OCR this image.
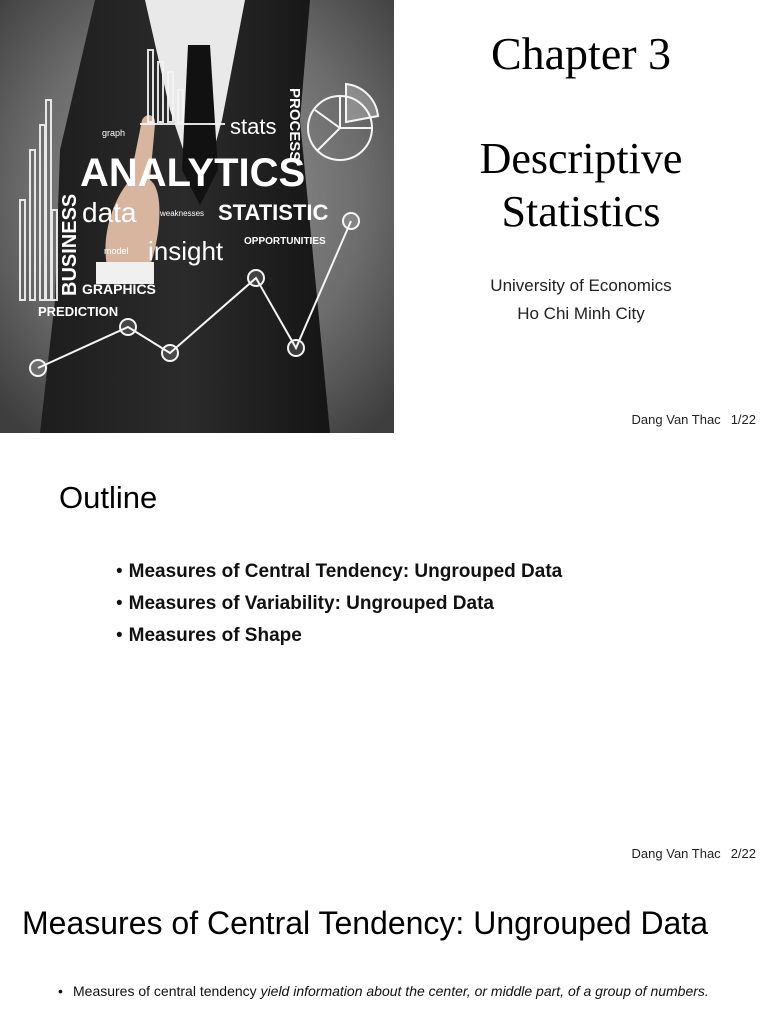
ANALYTICS
stats
data	STATISTIC
insight OPPORTUNITIES
GRAPHICS
PREDICTION
graph
weaknesses
model
BUSINESS
PROCESS
Chapter 3
Descriptive
Statistics
University of Economics
Ho Chi Minh City
Dang Van Thac 1/22
Outline
• Measures of Central Tendency: Ungrouped Data
• Measures of Variability: Ungrouped Data
• Measures of Shape
Dang Van Thac 2/22
Measures of Central Tendency: Ungrouped Data
• Measures of central tendency yield information about the center, or middle part, of a group of numbers.
